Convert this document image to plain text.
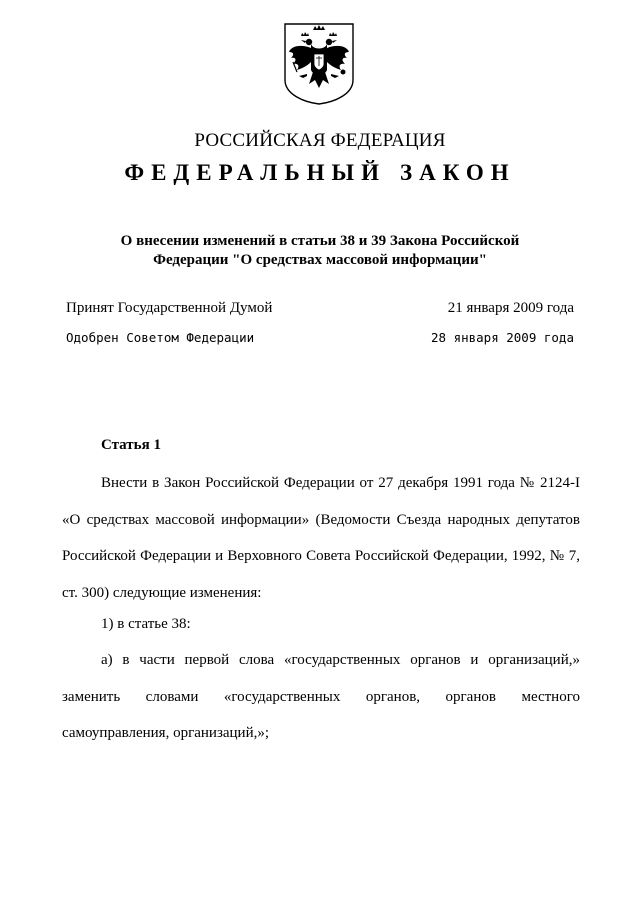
РОССИЙСКАЯ ФЕДЕРАЦИЯ
ФЕДЕРАЛЬНЫЙ ЗАКОН
О внесении изменений в статьи 38 и 39 Закона Российской
Федерации "О средствах массовой информации"
Принят Государственной Думой	21 января 2009 года
Одобрен Советом Федерации	28 января 2009 года
Статья 1

Внести в Закон Российской Федерации от 27 декабря 1991 года № 2124-I «О средствах массовой информации» (Ведомости Съезда народных депутатов Российской Федерации и Верховного Совета Российской Федерации, 1992, № 7, ст. 300) следующие изменения:

1) в статье 38:

а) в части первой слова «государственных органов и организаций,» заменить словами «государственных органов, органов местного самоуправления, организаций,»;
